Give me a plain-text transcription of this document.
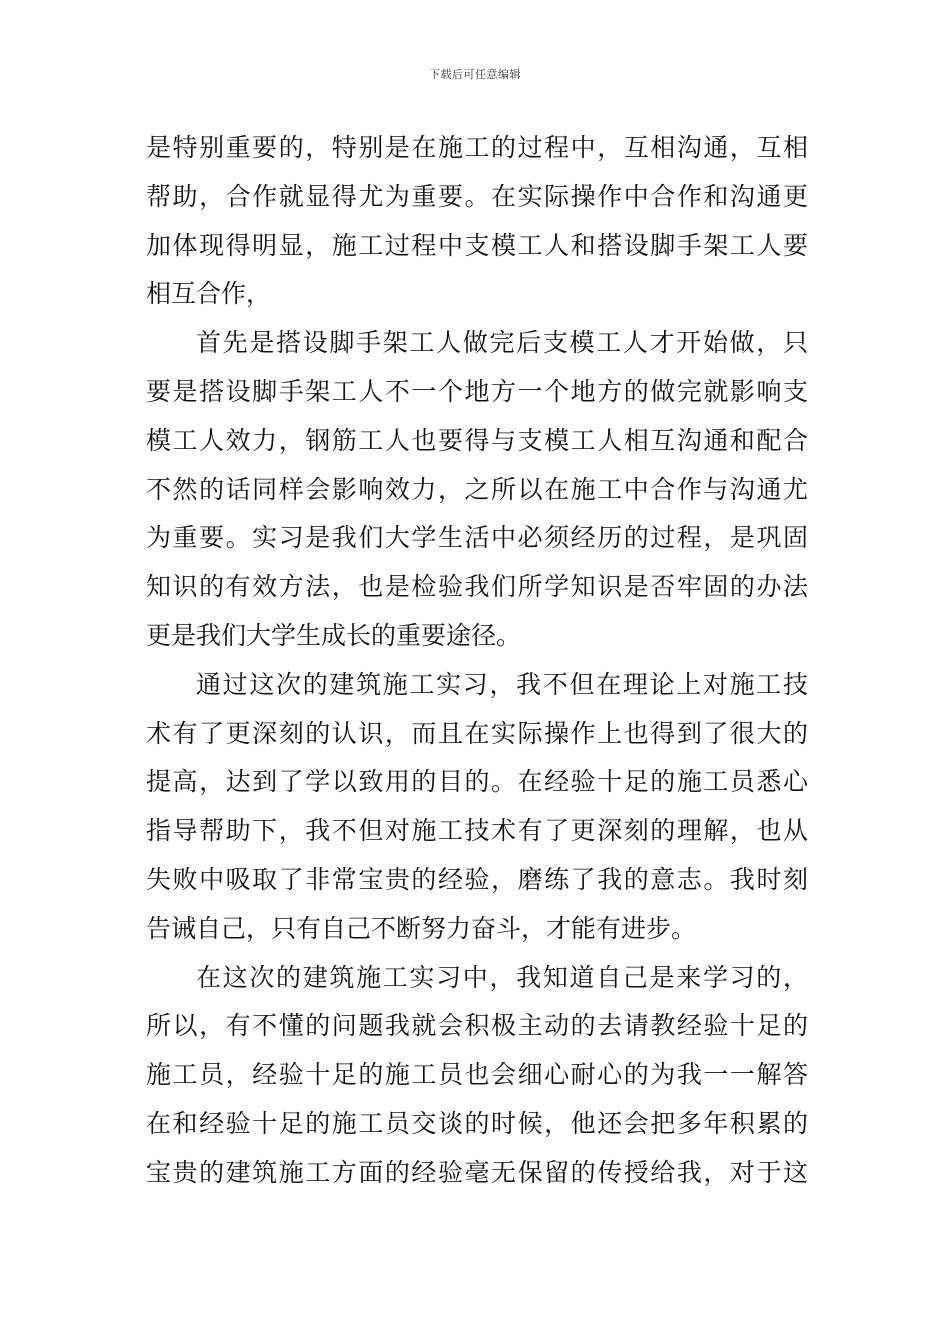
下载后可任意编辑
是特别重要的，特别是在施工的过程中，互相沟通，互相
帮助，合作就显得尤为重要。在实际操作中合作和沟通更
加体现得明显，施工过程中支模工人和搭设脚手架工人要
相互合作，
首先是搭设脚手架工人做完后支模工人才开始做，只
要是搭设脚手架工人不一个地方一个地方的做完就影响支
模工人效力，钢筋工人也要得与支模工人相互沟通和配合
不然的话同样会影响效力，之所以在施工中合作与沟通尤
为重要。实习是我们大学生活中必须经历的过程，是巩固
知识的有效方法，也是检验我们所学知识是否牢固的办法
更是我们大学生成长的重要途径。
通过这次的建筑施工实习，我不但在理论上对施工技
术有了更深刻的认识，而且在实际操作上也得到了很大的
提高，达到了学以致用的目的。在经验十足的施工员悉心
指导帮助下，我不但对施工技术有了更深刻的理解，也从
失败中吸取了非常宝贵的经验，磨练了我的意志。我时刻
告诫自己，只有自己不断努力奋斗，才能有进步。
在这次的建筑施工实习中，我知道自己是来学习的，
所以，有不懂的问题我就会积极主动的去请教经验十足的
施工员，经验十足的施工员也会细心耐心的为我一一解答
在和经验十足的施工员交谈的时候，他还会把多年积累的
宝贵的建筑施工方面的经验毫无保留的传授给我，对于这
